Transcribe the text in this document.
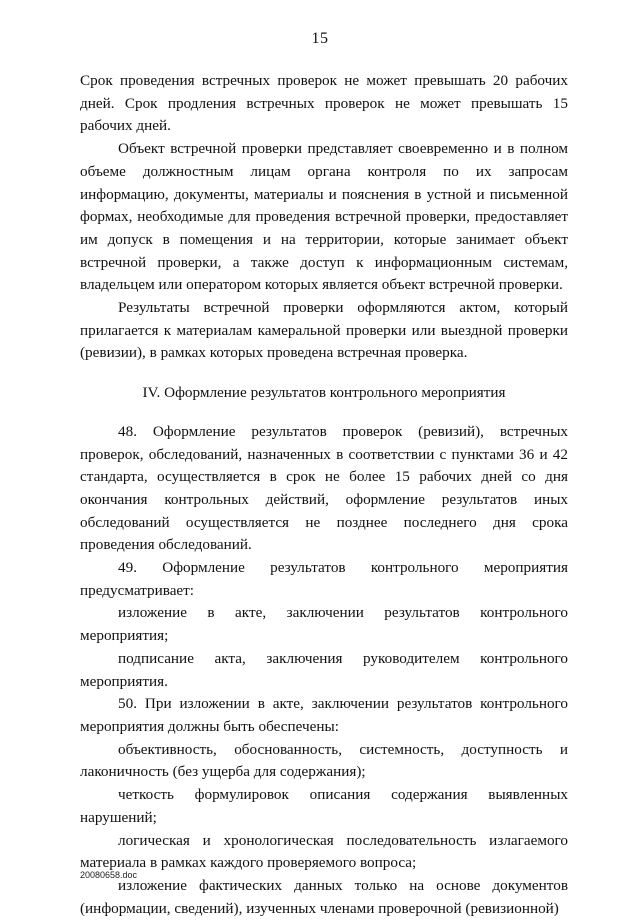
15

Срок проведения встречных проверок не может превышать 20 рабочих дней. Срок продления встречных проверок не может превышать 15 рабочих дней.

Объект встречной проверки представляет своевременно и в полном объеме должностным лицам органа контроля по их запросам информацию, документы, материалы и пояснения в устной и письменной формах, необходимые для проведения встречной проверки, предоставляет им допуск в помещения и на территории, которые занимает объект встречной проверки, а также доступ к информационным системам, владельцем или оператором которых является объект встречной проверки.

Результаты встречной проверки оформляются актом, который прилагается к материалам камеральной проверки или выездной проверки (ревизии), в рамках которых проведена встречная проверка.

IV. Оформление результатов контрольного мероприятия

48. Оформление результатов проверок (ревизий), встречных проверок, обследований, назначенных в соответствии с пунктами 36 и 42 стандарта, осуществляется в срок не более 15 рабочих дней со дня окончания контрольных действий, оформление результатов иных обследований осуществляется не позднее последнего дня срока проведения обследований.

49. Оформление результатов контрольного мероприятия предусматривает:

изложение в акте, заключении результатов контрольного мероприятия;

подписание акта, заключения руководителем контрольного мероприятия.

50. При изложении в акте, заключении результатов контрольного мероприятия должны быть обеспечены:

объективность, обоснованность, системность, доступность и лаконичность (без ущерба для содержания);

четкость формулировок описания содержания выявленных нарушений;

логическая и хронологическая последовательность излагаемого материала в рамках каждого проверяемого вопроса;

изложение фактических данных только на основе документов (информации, сведений), изученных членами проверочной (ревизионной)

20080658.doc
